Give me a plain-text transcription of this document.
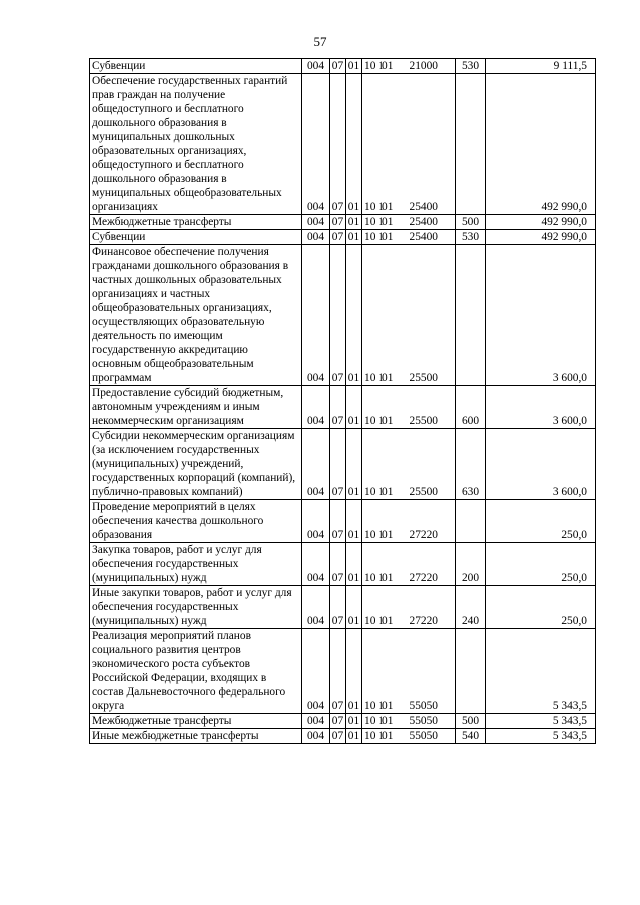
57
Субвенции	004	07	01	10 101 21000	530	9 111,5
Обеспечение государственных гарантий прав граждан на получение общедоступного и бесплатного дошкольного образования в муниципальных дошкольных образовательных организациях, общедоступного и бесплатного дошкольного образования в муниципальных общеобразовательных организациях	004	07	01	10 101 25400		492 990,0
Межбюджетные трансферты	004	07	01	10 101 25400	500	492 990,0
Субвенции	004	07	01	10 101 25400	530	492 990,0
Финансовое обеспечение получения гражданами дошкольного образования в частных дошкольных образовательных организациях и частных общеобразовательных организациях, осуществляющих образовательную деятельность по имеющим государственную аккредитацию основным общеобразовательным программам	004	07	01	10 101 25500		3 600,0
Предоставление субсидий бюджетным, автономным учреждениям и иным некоммерческим организациям	004	07	01	10 101 25500	600	3 600,0
Субсидии некоммерческим организациям (за исключением государственных (муниципальных) учреждений, государственных корпораций (компаний), публично-правовых компаний)	004	07	01	10 101 25500	630	3 600,0
Проведение мероприятий в целях обеспечения качества дошкольного образования	004	07	01	10 101 27220		250,0
Закупка товаров, работ и услуг для обеспечения государственных (муниципальных) нужд	004	07	01	10 101 27220	200	250,0
Иные закупки товаров, работ и услуг для обеспечения государственных (муниципальных) нужд	004	07	01	10 101 27220	240	250,0
Реализация мероприятий планов социального развития центров экономического роста субъектов Российской Федерации, входящих в состав Дальневосточного федерального округа	004	07	01	10 101 55050		5 343,5
Межбюджетные трансферты	004	07	01	10 101 55050	500	5 343,5
Иные межбюджетные трансферты	004	07	01	10 101 55050	540	5 343,5
